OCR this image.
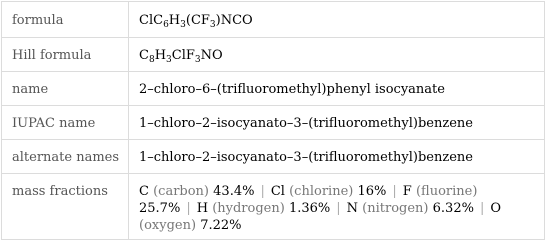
formula	$ClC_6H_3(CF_3)NCO$
Hill formula	$C_8H_3ClF_3NO$
name	2–chloro–6–(trifluoromethyl)phenyl isocyanate
IUPAC name	1–chloro–2–isocyanato–3–(trifluoromethyl)benzene
alternate names	1–chloro–2–isocyanato–3–(trifluoromethyl)benzene
mass fractions	C (carbon) 43.4% | Cl (chlorine) 16% | F (fluorine) 25.7% | H (hydrogen) 1.36% | N (nitrogen) 6.32% | O (oxygen) 7.22%
